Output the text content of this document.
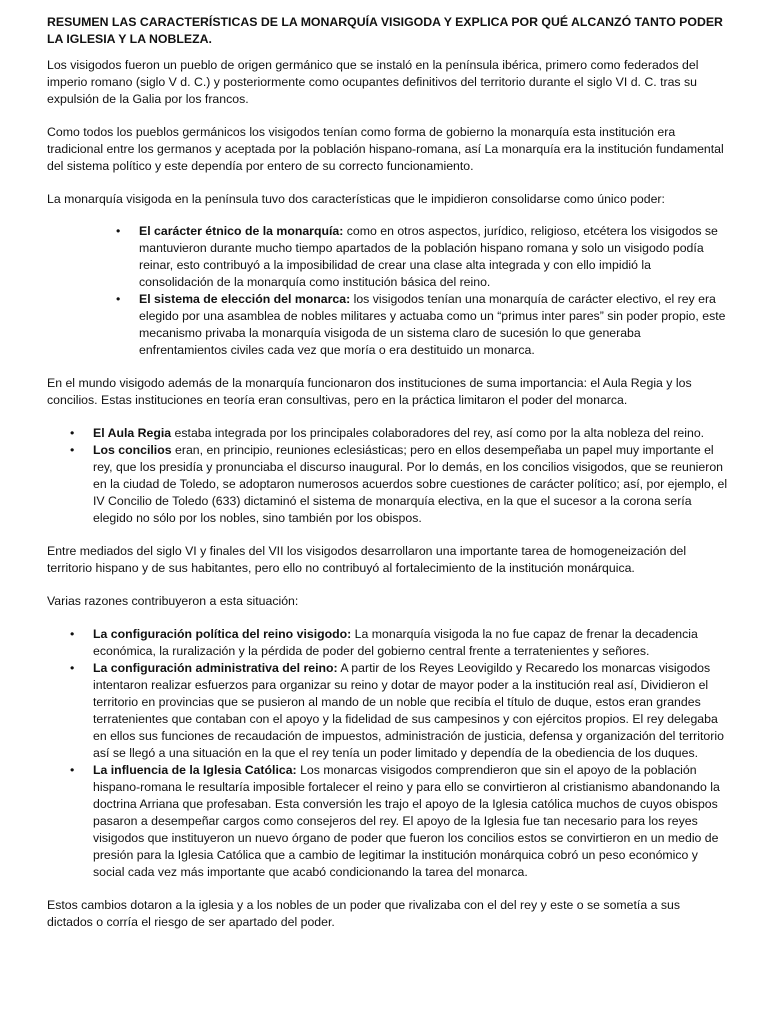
RESUMEN LAS CARACTERÍSTICAS DE LA MONARQUÍA VISIGODA Y EXPLICA POR QUÉ ALCANZÓ TANTO PODER LA IGLESIA Y LA NOBLEZA.

Los visigodos fueron un pueblo de origen germánico que se instaló en la península ibérica, primero como federados del imperio romano (siglo V d. C.) y posteriormente como ocupantes definitivos del territorio durante el siglo VI d. C. tras su expulsión de la Galia por los francos.

Como todos los pueblos germánicos los visigodos tenían como forma de gobierno la monarquía esta institución era tradicional entre los germanos y aceptada por la población hispano-romana, así La monarquía era la institución fundamental del sistema político y este dependía por entero de su correcto funcionamiento.

La monarquía visigoda en la península tuvo dos características que le impidieron consolidarse como único poder:

• El carácter étnico de la monarquía: como en otros aspectos, jurídico, religioso, etcétera los visigodos se mantuvieron durante mucho tiempo apartados de la población hispano romana y solo un visigodo podía reinar, esto contribuyó a la imposibilidad de crear una clase alta integrada y con ello impidió la consolidación de la monarquía como institución básica del reino.
• El sistema de elección del monarca: los visigodos tenían una monarquía de carácter electivo, el rey era elegido por una asamblea de nobles militares y actuaba como un “primus inter pares” sin poder propio, este mecanismo privaba la monarquía visigoda de un sistema claro de sucesión lo que generaba enfrentamientos civiles cada vez que moría o era destituido un monarca.

En el mundo visigodo además de la monarquía funcionaron dos instituciones de suma importancia: el Aula Regia y los concilios. Estas instituciones en teoría eran consultivas, pero en la práctica limitaron el poder del monarca.

• El Aula Regia estaba integrada por los principales colaboradores del rey, así como por la alta nobleza del reino.
• Los concilios eran, en principio, reuniones eclesiásticas; pero en ellos desempeñaba un papel muy importante el rey, que los presidía y pronunciaba el discurso inaugural. Por lo demás, en los concilios visigodos, que se reunieron en la ciudad de Toledo, se adoptaron numerosos acuerdos sobre cuestiones de carácter político; así, por ejemplo, el IV Concilio de Toledo (633) dictaminó el sistema de monarquía electiva, en la que el sucesor a la corona sería elegido no sólo por los nobles, sino también por los obispos.

Entre mediados del siglo VI y finales del VII los visigodos desarrollaron una importante tarea de homogeneización del territorio hispano y de sus habitantes, pero ello no contribuyó al fortalecimiento de la institución monárquica.

Varias razones contribuyeron a esta situación:

• La configuración política del reino visigodo: La monarquía visigoda la no fue capaz de frenar la decadencia económica, la ruralización y la pérdida de poder del gobierno central frente a terratenientes y señores.
• La configuración administrativa del reino: A partir de los Reyes Leovigildo y Recaredo los monarcas visigodos intentaron realizar esfuerzos para organizar su reino y dotar de mayor poder a la institución real así, Dividieron el territorio en provincias que se pusieron al mando de un noble que recibía el título de duque, estos eran grandes terratenientes que contaban con el apoyo y la fidelidad de sus campesinos y con ejércitos propios. El rey delegaba en ellos sus funciones de recaudación de impuestos, administración de justicia, defensa y organización del territorio así se llegó a una situación en la que el rey tenía un poder limitado y dependía de la obediencia de los duques.
• La influencia de la Iglesia Católica: Los monarcas visigodos comprendieron que sin el apoyo de la población hispano-romana le resultaría imposible fortalecer el reino y para ello se convirtieron al cristianismo abandonando la doctrina Arriana que profesaban. Esta conversión les trajo el apoyo de la Iglesia católica muchos de cuyos obispos pasaron a desempeñar cargos como consejeros del rey. El apoyo de la Iglesia fue tan necesario para los reyes visigodos que instituyeron un nuevo órgano de poder que fueron los concilios estos se convirtieron en un medio de presión para la Iglesia Católica que a cambio de legitimar la institución monárquica cobró un peso económico y social cada vez más importante que acabó condicionando la tarea del monarca.

Estos cambios dotaron a la iglesia y a los nobles de un poder que rivalizaba con el del rey y este o se sometía a sus dictados o corría el riesgo de ser apartado del poder.
